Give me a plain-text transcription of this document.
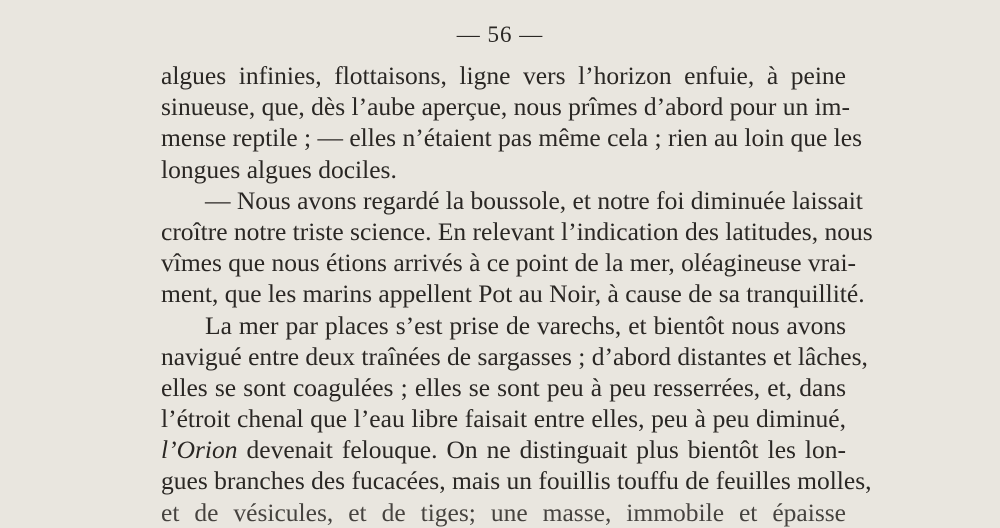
— 56 —
algues infinies, flottaisons, ligne vers l’horizon enfuie, à peine
sinueuse, que, dès l’aube aperçue, nous prîmes d’abord pour un im-
mense reptile ; — elles n’étaient pas même cela ; rien au loin que les
longues algues dociles.
— Nous avons regardé la boussole, et notre foi diminuée laissait
croître notre triste science. En relevant l’indication des latitudes, nous
vîmes que nous étions arrivés à ce point de la mer, oléagineuse vrai-
ment, que les marins appellent Pot au Noir, à cause de sa tranquillité.
La mer par places s’est prise de varechs, et bientôt nous avons
navigué entre deux traînées de sargasses ; d’abord distantes et lâches,
elles se sont coagulées ; elles se sont peu à peu resserrées, et, dans
l’étroit chenal que l’eau libre faisait entre elles, peu à peu diminué,
l’Orion devenait felouque. On ne distinguait plus bientôt les lon-
gues branches des fucacées, mais un fouillis touffu de feuilles molles,
et de vésicules, et de tiges; une masse, immobile et épaisse
